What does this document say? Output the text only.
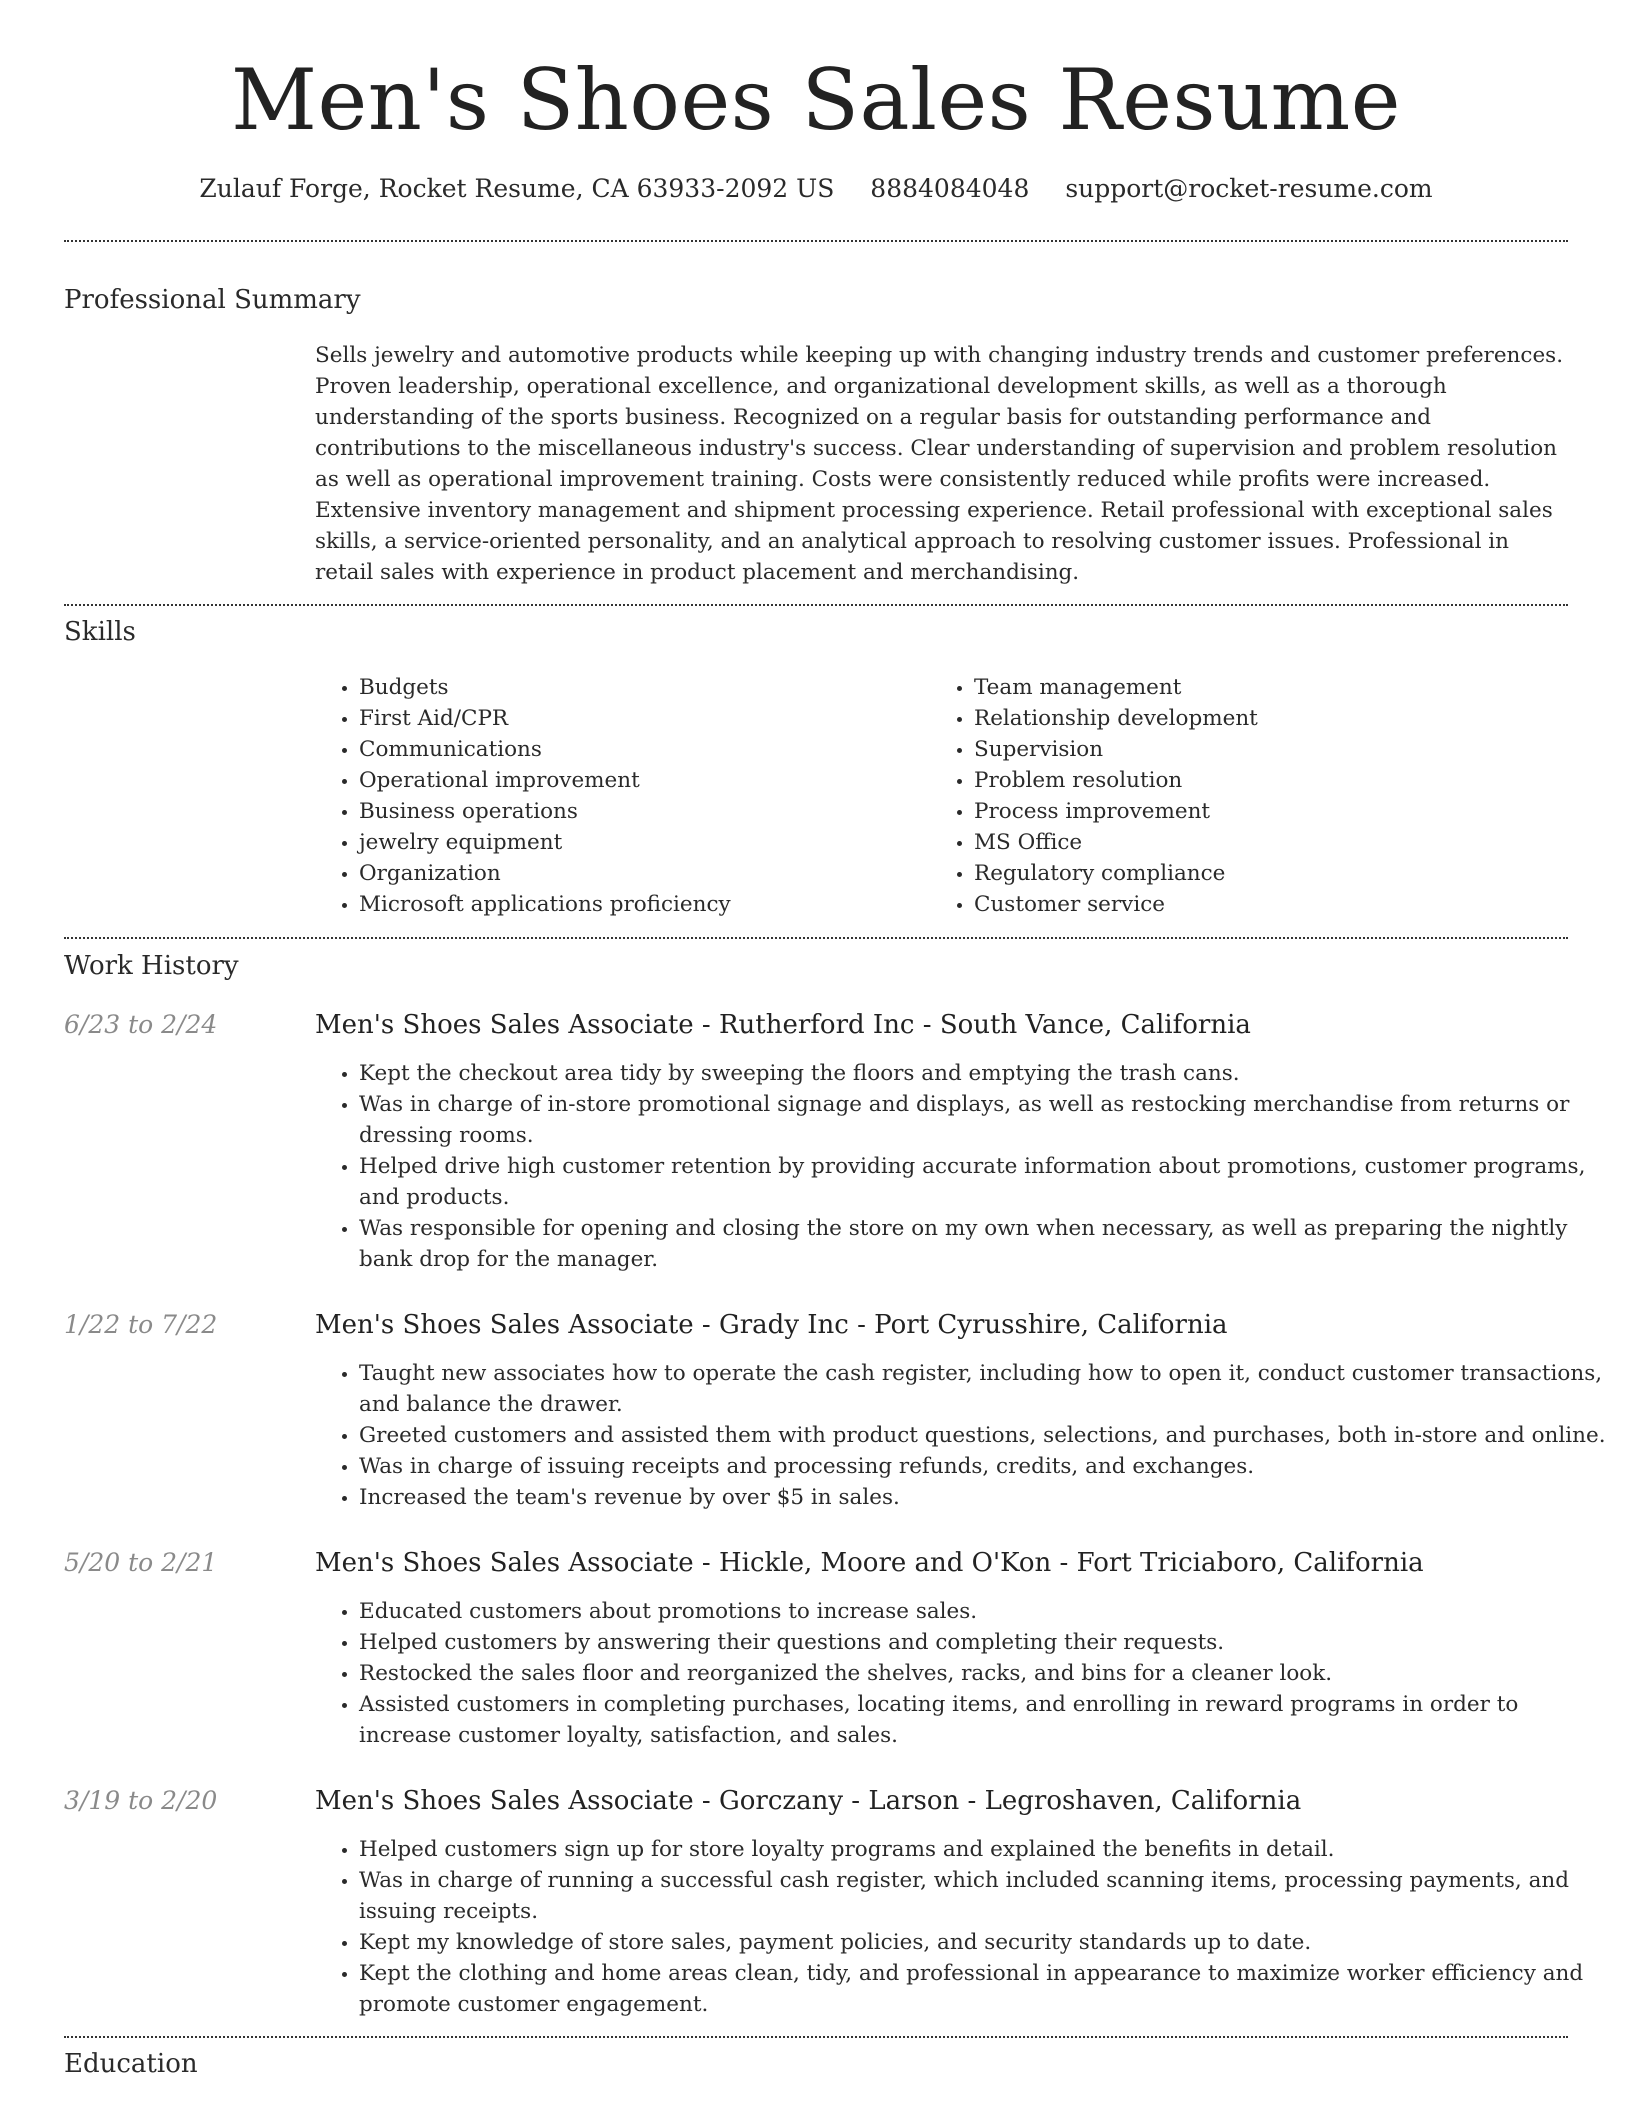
Men's Shoes Sales Resume
Zulauf Forge, Rocket Resume, CA 63933-2092 US 8884084048 support@rocket-resume.com
Professional Summary

Sells jewelry and automotive products while keeping up with changing industry trends and customer preferences. Proven leadership, operational excellence, and organizational development skills, as well as a thorough understanding of the sports business. Recognized on a regular basis for outstanding performance and contributions to the miscellaneous industry's success. Clear understanding of supervision and problem resolution as well as operational improvement training. Costs were consistently reduced while profits were increased. Extensive inventory management and shipment processing experience. Retail professional with exceptional sales skills, a service-oriented personality, and an analytical approach to resolving customer issues. Professional in retail sales with experience in product placement and merchandising.

Skills
• Budgets
• First Aid/CPR
• Communications
• Operational improvement
• Business operations
• jewelry equipment
• Organization
• Microsoft applications proficiency
• Team management
• Relationship development
• Supervision
• Problem resolution
• Process improvement
• MS Office
• Regulatory compliance
• Customer service
Work History
6/23 to 2/24	Men's Shoes Sales Associate - Rutherford Inc - South Vance, California
• Kept the checkout area tidy by sweeping the floors and emptying the trash cans.
• Was in charge of in-store promotional signage and displays, as well as restocking merchandise from returns or dressing rooms.
• Helped drive high customer retention by providing accurate information about promotions, customer programs, and products.
• Was responsible for opening and closing the store on my own when necessary, as well as preparing the nightly bank drop for the manager.
1/22 to 7/22	Men's Shoes Sales Associate - Grady Inc - Port Cyrusshire, California
• Taught new associates how to operate the cash register, including how to open it, conduct customer transactions, and balance the drawer.
• Greeted customers and assisted them with product questions, selections, and purchases, both in-store and online.
• Was in charge of issuing receipts and processing refunds, credits, and exchanges.
• Increased the team's revenue by over $5 in sales.
5/20 to 2/21	Men's Shoes Sales Associate - Hickle, Moore and O'Kon - Fort Triciaboro, California
• Educated customers about promotions to increase sales.
• Helped customers by answering their questions and completing their requests.
• Restocked the sales floor and reorganized the shelves, racks, and bins for a cleaner look.
• Assisted customers in completing purchases, locating items, and enrolling in reward programs in order to increase customer loyalty, satisfaction, and sales.
3/19 to 2/20	Men's Shoes Sales Associate - Gorczany - Larson - Legroshaven, California
• Helped customers sign up for store loyalty programs and explained the benefits in detail.
• Was in charge of running a successful cash register, which included scanning items, processing payments, and issuing receipts.
• Kept my knowledge of store sales, payment policies, and security standards up to date.
• Kept the clothing and home areas clean, tidy, and professional in appearance to maximize worker efficiency and promote customer engagement.
Education
